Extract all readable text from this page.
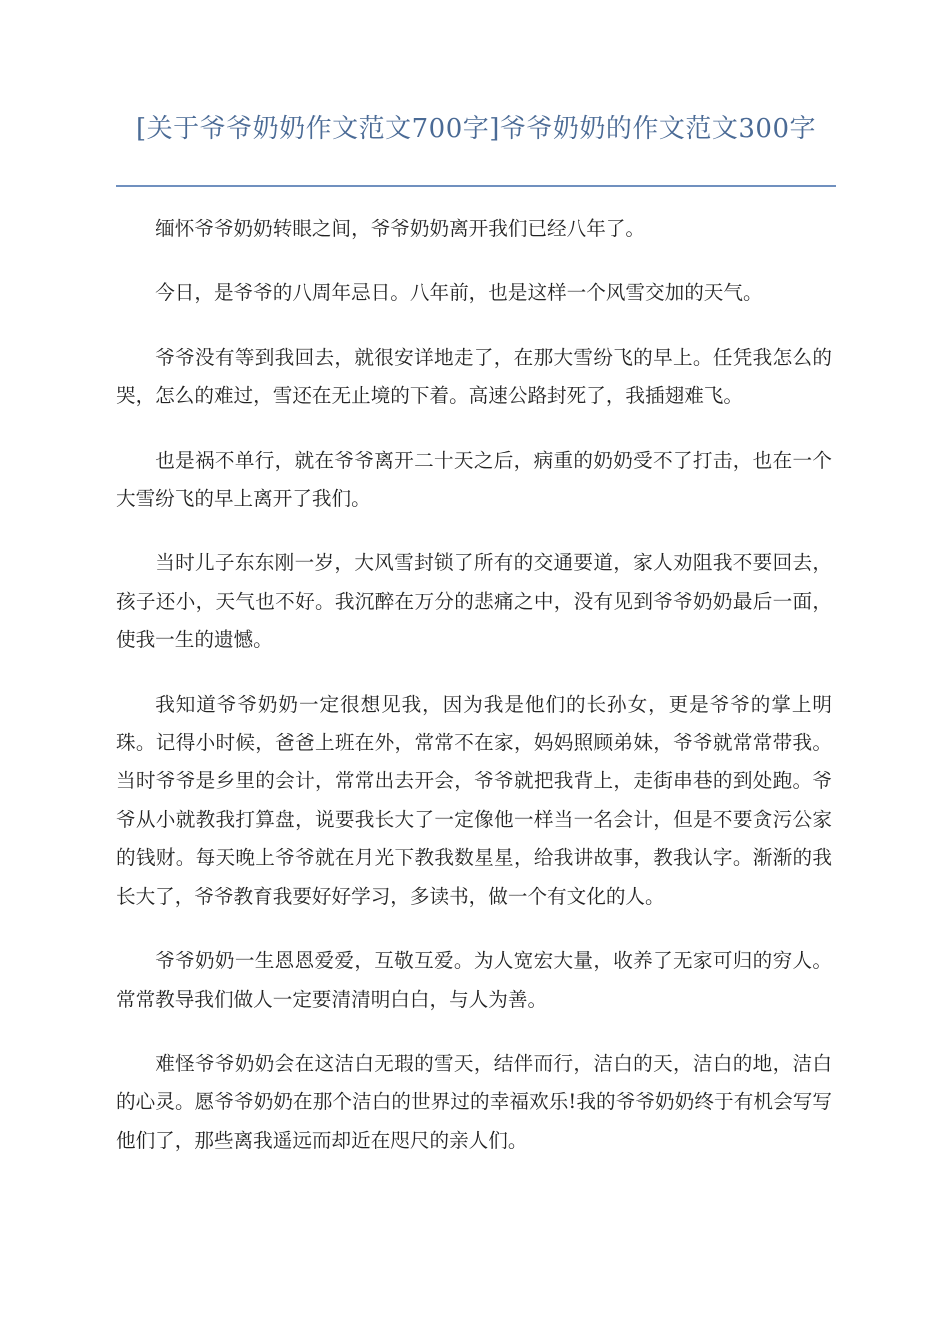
[关于爷爷奶奶作文范文700字]爷爷奶奶的作文范文300字

缅怀爷爷奶奶转眼之间，爷爷奶奶离开我们已经八年了。

今日，是爷爷的八周年忌日。八年前，也是这样一个风雪交加的天气。

爷爷没有等到我回去，就很安详地走了，在那大雪纷飞的早上。任凭我怎么的哭，怎么的难过，雪还在无止境的下着。高速公路封死了，我插翅难飞。

也是祸不单行，就在爷爷离开二十天之后，病重的奶奶受不了打击，也在一个大雪纷飞的早上离开了我们。

当时儿子东东刚一岁，大风雪封锁了所有的交通要道，家人劝阻我不要回去，孩子还小，天气也不好。我沉醉在万分的悲痛之中，没有见到爷爷奶奶最后一面，使我一生的遗憾。

我知道爷爷奶奶一定很想见我，因为我是他们的长孙女，更是爷爷的掌上明珠。记得小时候，爸爸上班在外，常常不在家，妈妈照顾弟妹，爷爷就常常带我。当时爷爷是乡里的会计，常常出去开会，爷爷就把我背上，走街串巷的到处跑。爷爷从小就教我打算盘，说要我长大了一定像他一样当一名会计，但是不要贪污公家的钱财。每天晚上爷爷就在月光下教我数星星，给我讲故事，教我认字。渐渐的我长大了，爷爷教育我要好好学习，多读书，做一个有文化的人。

爷爷奶奶一生恩恩爱爱，互敬互爱。为人宽宏大量，收养了无家可归的穷人。常常教导我们做人一定要清清明白白，与人为善。

难怪爷爷奶奶会在这洁白无瑕的雪天，结伴而行，洁白的天，洁白的地，洁白的心灵。愿爷爷奶奶在那个洁白的世界过的幸福欢乐!我的爷爷奶奶终于有机会写写他们了，那些离我遥远而却近在咫尺的亲人们。
